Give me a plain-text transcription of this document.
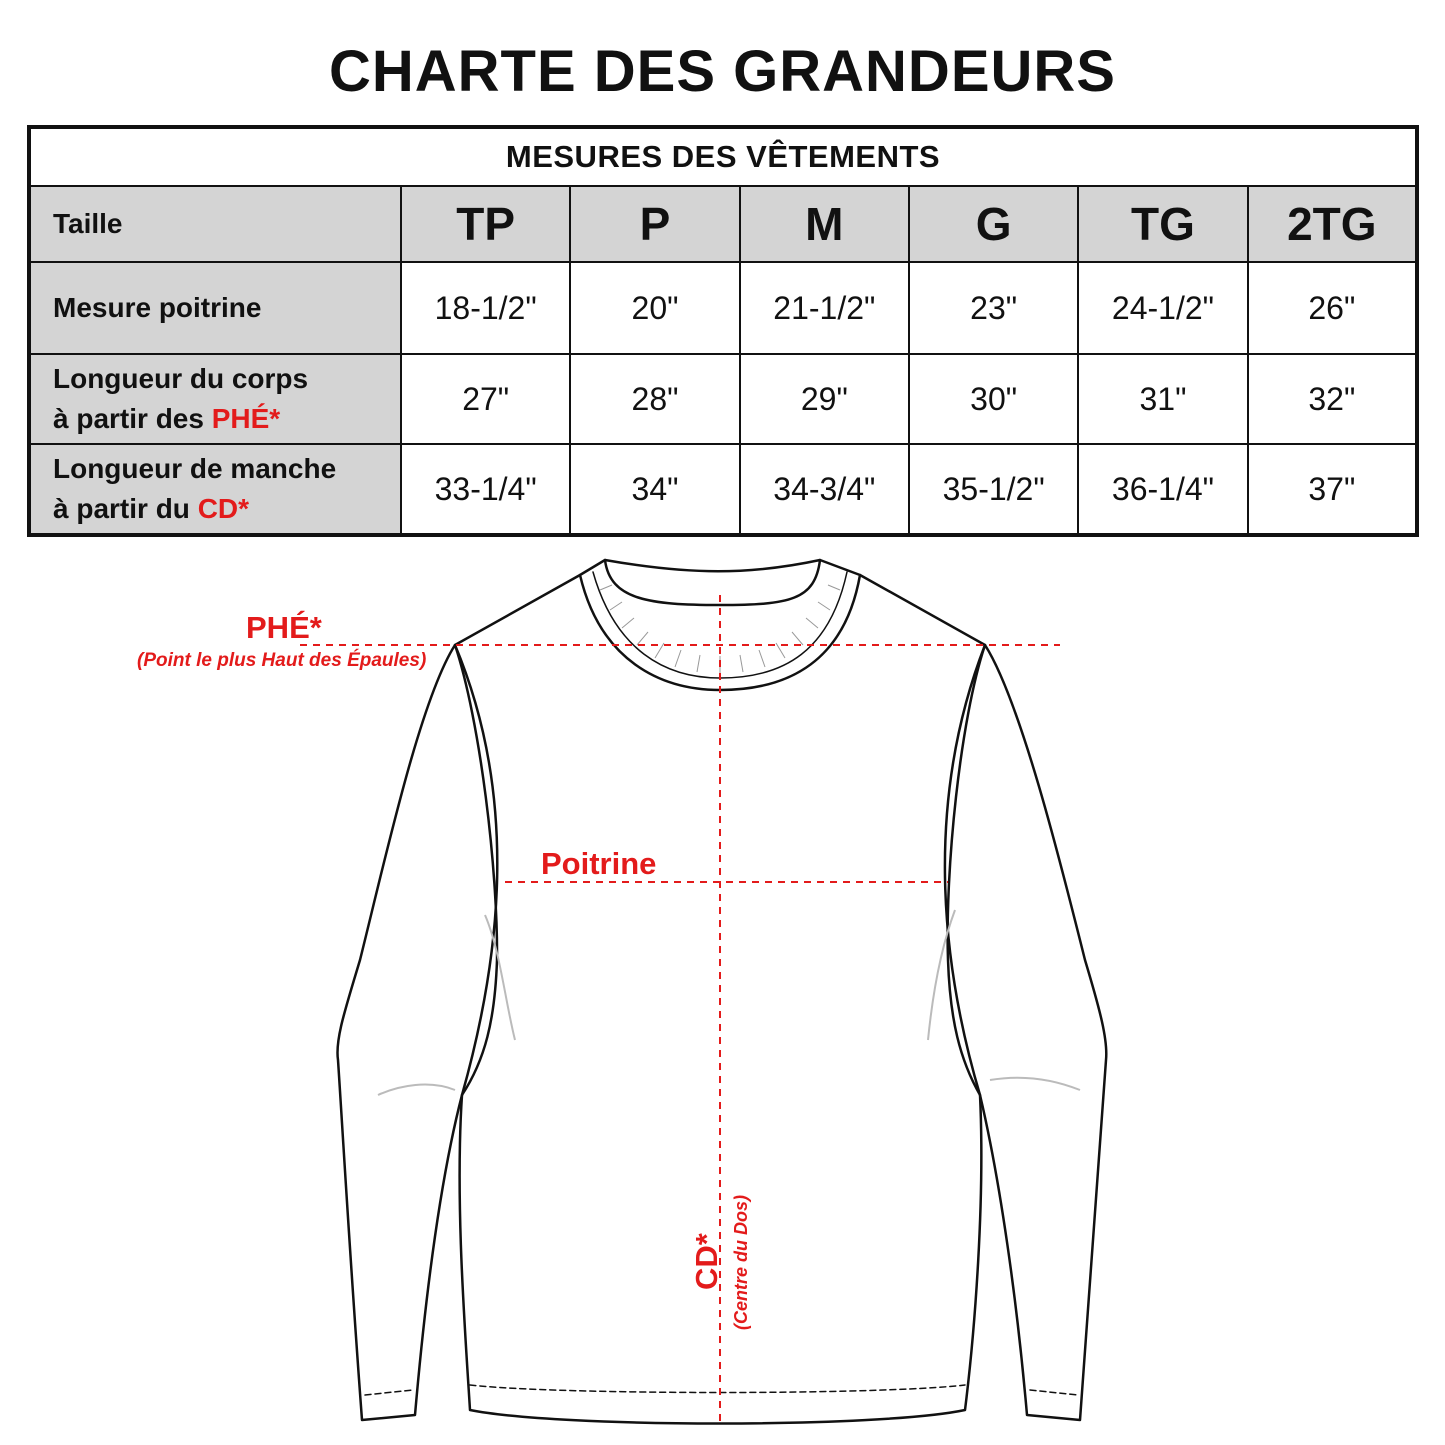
CHARTE DES GRANDEURS
MESURES DES VÊTEMENTS						
Taille	TP	P	M	G	TG	2TG
Mesure poitrine	18-1/2"	20"	21-1/2"	23"	24-1/2"	26"
Longueur du corps
à partir des PHÉ*	27"	28"	29"	30"	31"	32"
Longueur de manche
à partir du CD*	33-1/4"	34"	34-3/4"	35-1/2"	36-1/4"	37"
PHÉ*
(Point le plus Haut des Épaules)
Poitrine
CD* (Centre du Dos)
